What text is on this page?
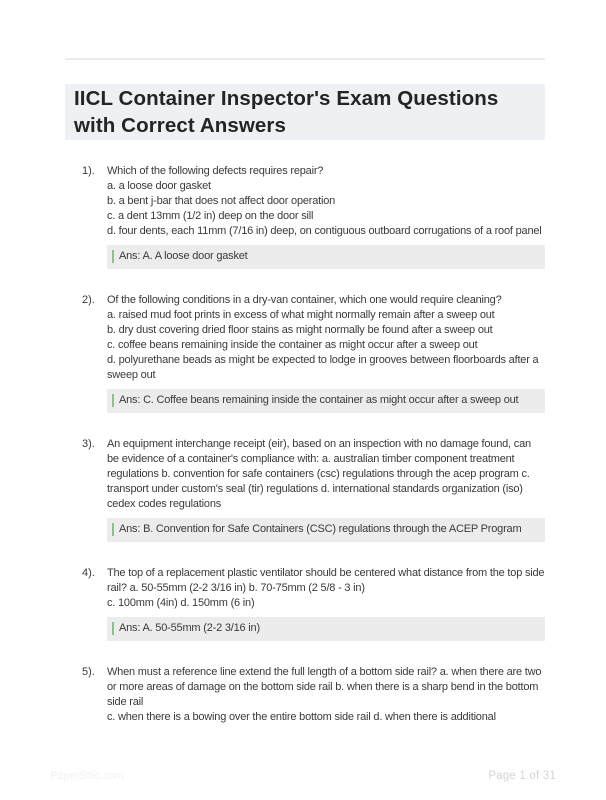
IICL Container Inspector's Exam Questions with Correct Answers
1).	Which of the following defects requires repair?

a. a loose door gasket

b. a bent j-bar that does not affect door operation

c. a dent 13mm (1/2 in) deep on the door sill

d. four dents, each 11mm (7/16 in) deep, on contiguous outboard corrugations of a roof panel

Ans: A. A loose door gasket
2).	Of the following conditions in a dry-van container, which one would require cleaning?

a. raised mud foot prints in excess of what might normally remain after a sweep out

b. dry dust covering dried floor stains as might normally be found after a sweep out

c. coffee beans remaining inside the container as might occur after a sweep out

d. polyurethane beads as might be expected to lodge in grooves between floorboards after a sweep out

Ans: C. Coffee beans remaining inside the container as might occur after a sweep out
3).	An equipment interchange receipt (eir), based on an inspection with no damage found, can be evidence of a container's compliance with: a. australian timber component treatment regulations b. convention for safe containers (csc) regulations through the acep program c. transport under custom's seal (tir) regulations d. international standards organization (iso) cedex codes regulations

Ans: B. Convention for Safe Containers (CSC) regulations through the ACEP Program
4).	The top of a replacement plastic ventilator should be centered what distance from the top side rail? a. 50-55mm (2-2 3/16 in) b. 70-75mm (2 5/8 - 3 in)

c. 100mm (4in) d. 150mm (6 in)

Ans: A. 50-55mm (2-2 3/16 in)
5).	When must a reference line extend the full length of a bottom side rail? a. when there are two or more areas of damage on the bottom side rail b. when there is a sharp bend in the bottom side rail

c. when there is a bowing over the entire bottom side rail d. when there is additional

PaperStlic.com	Page 1 of 31
